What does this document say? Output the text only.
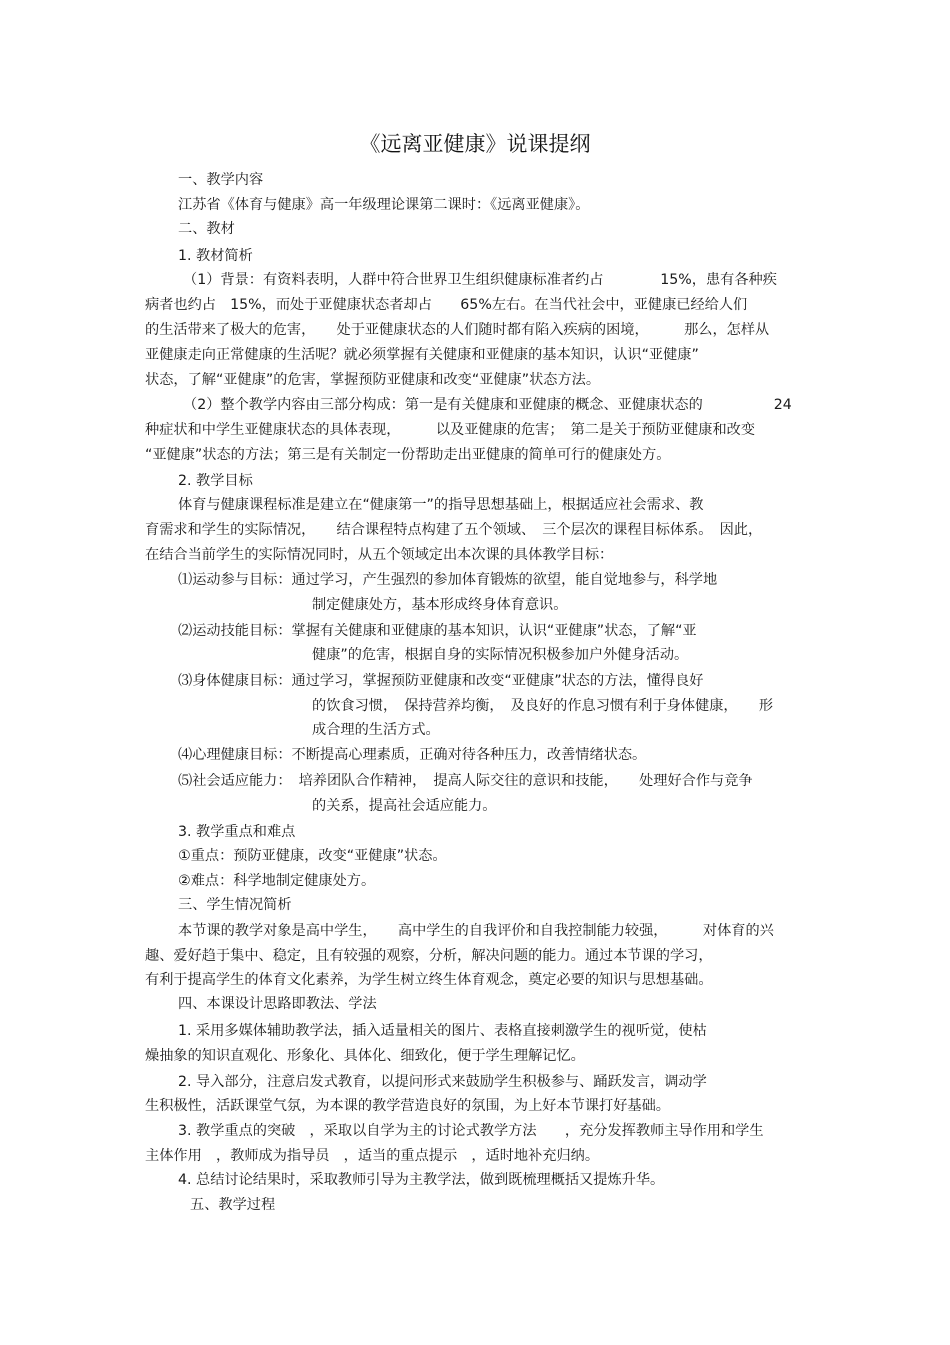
《远离亚健康》说课提纲
一、教学内容
江苏省《体育与健康》高一年级理论课第二课时：《远离亚健康》。
二、教材
1. 教材简析
（1）背景：有资料表明，人群中符合世界卫生组织健康标准者约占　　　　15%，患有各种疾
病者也约占　15%，而处于亚健康状态者却占　　65%左右。在当代社会中，亚健康已经给人们
的生活带来了极大的危害，　　处于亚健康状态的人们随时都有陷入疾病的困境，　　　那么，怎样从
亚健康走向正常健康的生活呢？就必须掌握有关健康和亚健康的基本知识，认识“亚健康”
状态，了解“亚健康”的危害，掌握预防亚健康和改变“亚健康”状态方法。
（2）整个教学内容由三部分构成：第一是有关健康和亚健康的概念、亚健康状态的　　　　　24
种症状和中学生亚健康状态的具体表现，　　　以及亚健康的危害；　第二是关于预防亚健康和改变
“亚健康”状态的方法；第三是有关制定一份帮助走出亚健康的简单可行的健康处方。
2. 教学目标
体育与健康课程标准是建立在“健康第一”的指导思想基础上，根据适应社会需求、教
育需求和学生的实际情况，　　结合课程特点构建了五个领域、　三个层次的课程目标体系。　因此，
在结合当前学生的实际情况同时，从五个领域定出本次课的具体教学目标：
⑴运动参与目标：通过学习，产生强烈的参加体育锻炼的欲望，能自觉地参与，科学地
制定健康处方，基本形成终身体育意识。
⑵运动技能目标：掌握有关健康和亚健康的基本知识，认识“亚健康”状态，了解“亚
健康”的危害，根据自身的实际情况积极参加户外健身活动。
⑶身体健康目标：通过学习，掌握预防亚健康和改变“亚健康”状态的方法，懂得良好
的饮食习惯，　保持营养均衡，　及良好的作息习惯有利于身体健康，　　形
成合理的生活方式。
⑷心理健康目标：不断提高心理素质，正确对待各种压力，改善情绪状态。
⑸社会适应能力：　培养团队合作精神，　提高人际交往的意识和技能，　　处理好合作与竞争
的关系，提高社会适应能力。
3. 教学重点和难点
①重点：预防亚健康，改变“亚健康”状态。
②难点：科学地制定健康处方。
三、学生情况简析
本节课的教学对象是高中学生，　　高中学生的自我评价和自我控制能力较强，　　　对体育的兴
趣、爱好趋于集中、稳定，且有较强的观察，分析，解决问题的能力。通过本节课的学习，
有利于提高学生的体育文化素养，为学生树立终生体育观念，奠定必要的知识与思想基础。
四、本课设计思路即教法、学法
1. 采用多媒体辅助教学法，插入适量相关的图片、表格直接刺激学生的视听觉，使枯
燥抽象的知识直观化、形象化、具体化、细致化，便于学生理解记忆。
2. 导入部分，注意启发式教育，以提问形式来鼓励学生积极参与、踊跃发言，调动学
生积极性，活跃课堂气氛，为本课的教学营造良好的氛围，为上好本节课打好基础。
3. 教学重点的突破　，采取以自学为主的讨论式教学方法　　，充分发挥教师主导作用和学生
主体作用　，教师成为指导员　，适当的重点提示　，适时地补充归纳。
4. 总结讨论结果时，采取教师引导为主教学法，做到既梳理概括又提炼升华。
五、教学过程
